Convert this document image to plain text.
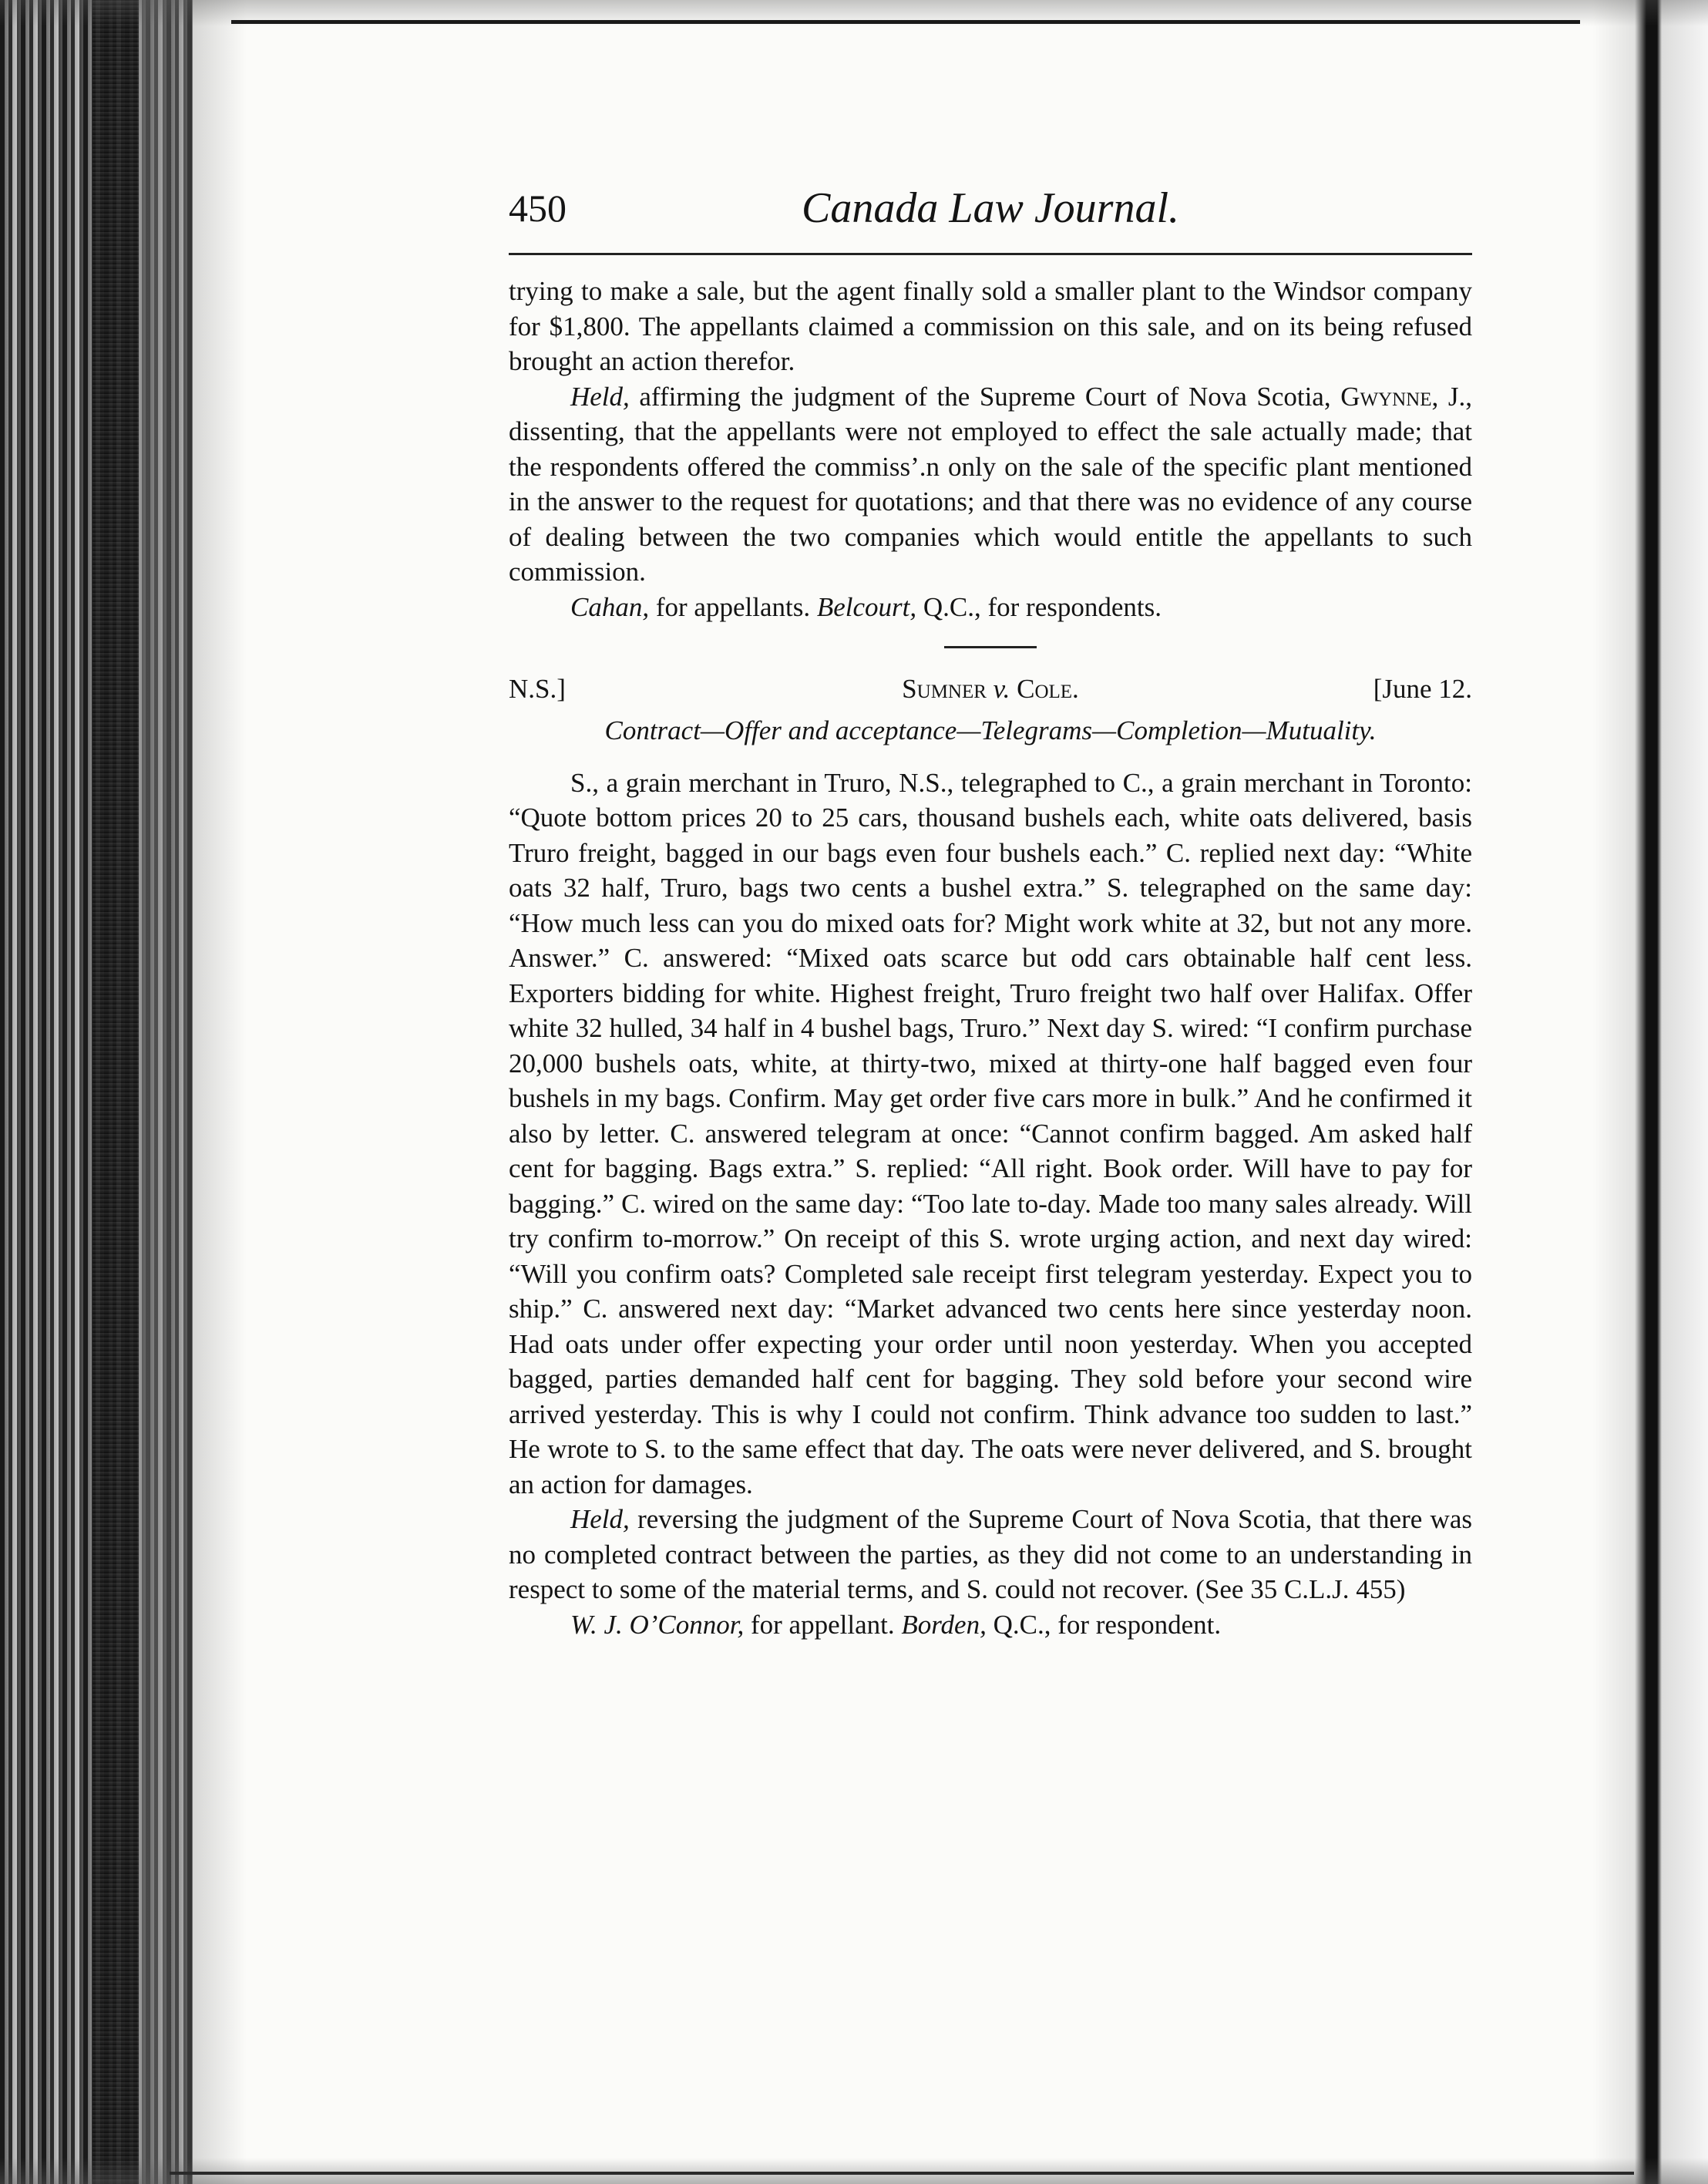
450	Canada Law Journal.

trying to make a sale, but the agent finally sold a smaller plant to the Windsor company for $1,800. The appellants claimed a commission on this sale, and on its being refused brought an action therefor.

Held, affirming the judgment of the Supreme Court of Nova Scotia, Gwynne, J., dissenting, that the appellants were not employed to effect the sale actually made; that the respondents offered the commiss’.n only on the sale of the specific plant mentioned in the answer to the request for quotations; and that there was no evidence of any course of dealing between the two companies which would entitle the appellants to such commission.

Cahan, for appellants. Belcourt, Q.C., for respondents.

N.S.]	Sumner v. Cole.	[June 12.

Contract—Offer and acceptance—Telegrams—Completion—Mutuality.

S., a grain merchant in Truro, N.S., telegraphed to C., a grain merchant in Toronto: “Quote bottom prices 20 to 25 cars, thousand bushels each, white oats delivered, basis Truro freight, bagged in our bags even four bushels each.” C. replied next day: “White oats 32 half, Truro, bags two cents a bushel extra.” S. telegraphed on the same day: “How much less can you do mixed oats for? Might work white at 32, but not any more. Answer.” C. answered: “Mixed oats scarce but odd cars obtainable half cent less. Exporters bidding for white. Highest freight, Truro freight two half over Halifax. Offer white 32 hulled, 34 half in 4 bushel bags, Truro.” Next day S. wired: “I confirm purchase 20,000 bushels oats, white, at thirty-two, mixed at thirty-one half bagged even four bushels in my bags. Confirm. May get order five cars more in bulk.” And he confirmed it also by letter. C. answered telegram at once: “Cannot confirm bagged. Am asked half cent for bagging. Bags extra.” S. replied: “All right. Book order. Will have to pay for bagging.” C. wired on the same day: “Too late to-day. Made too many sales already. Will try confirm to-morrow.” On receipt of this S. wrote urging action, and next day wired: “Will you confirm oats? Completed sale receipt first telegram yesterday. Expect you to ship.” C. answered next day: “Market advanced two cents here since yesterday noon. Had oats under offer expecting your order until noon yesterday. When you accepted bagged, parties demanded half cent for bagging. They sold before your second wire arrived yesterday. This is why I could not confirm. Think advance too sudden to last.” He wrote to S. to the same effect that day. The oats were never delivered, and S. brought an action for damages.

Held, reversing the judgment of the Supreme Court of Nova Scotia, that there was no completed contract between the parties, as they did not come to an understanding in respect to some of the material terms, and S. could not recover. (See 35 C.L.J. 455)

W. J. O’Connor, for appellant. Borden, Q.C., for respondent.
